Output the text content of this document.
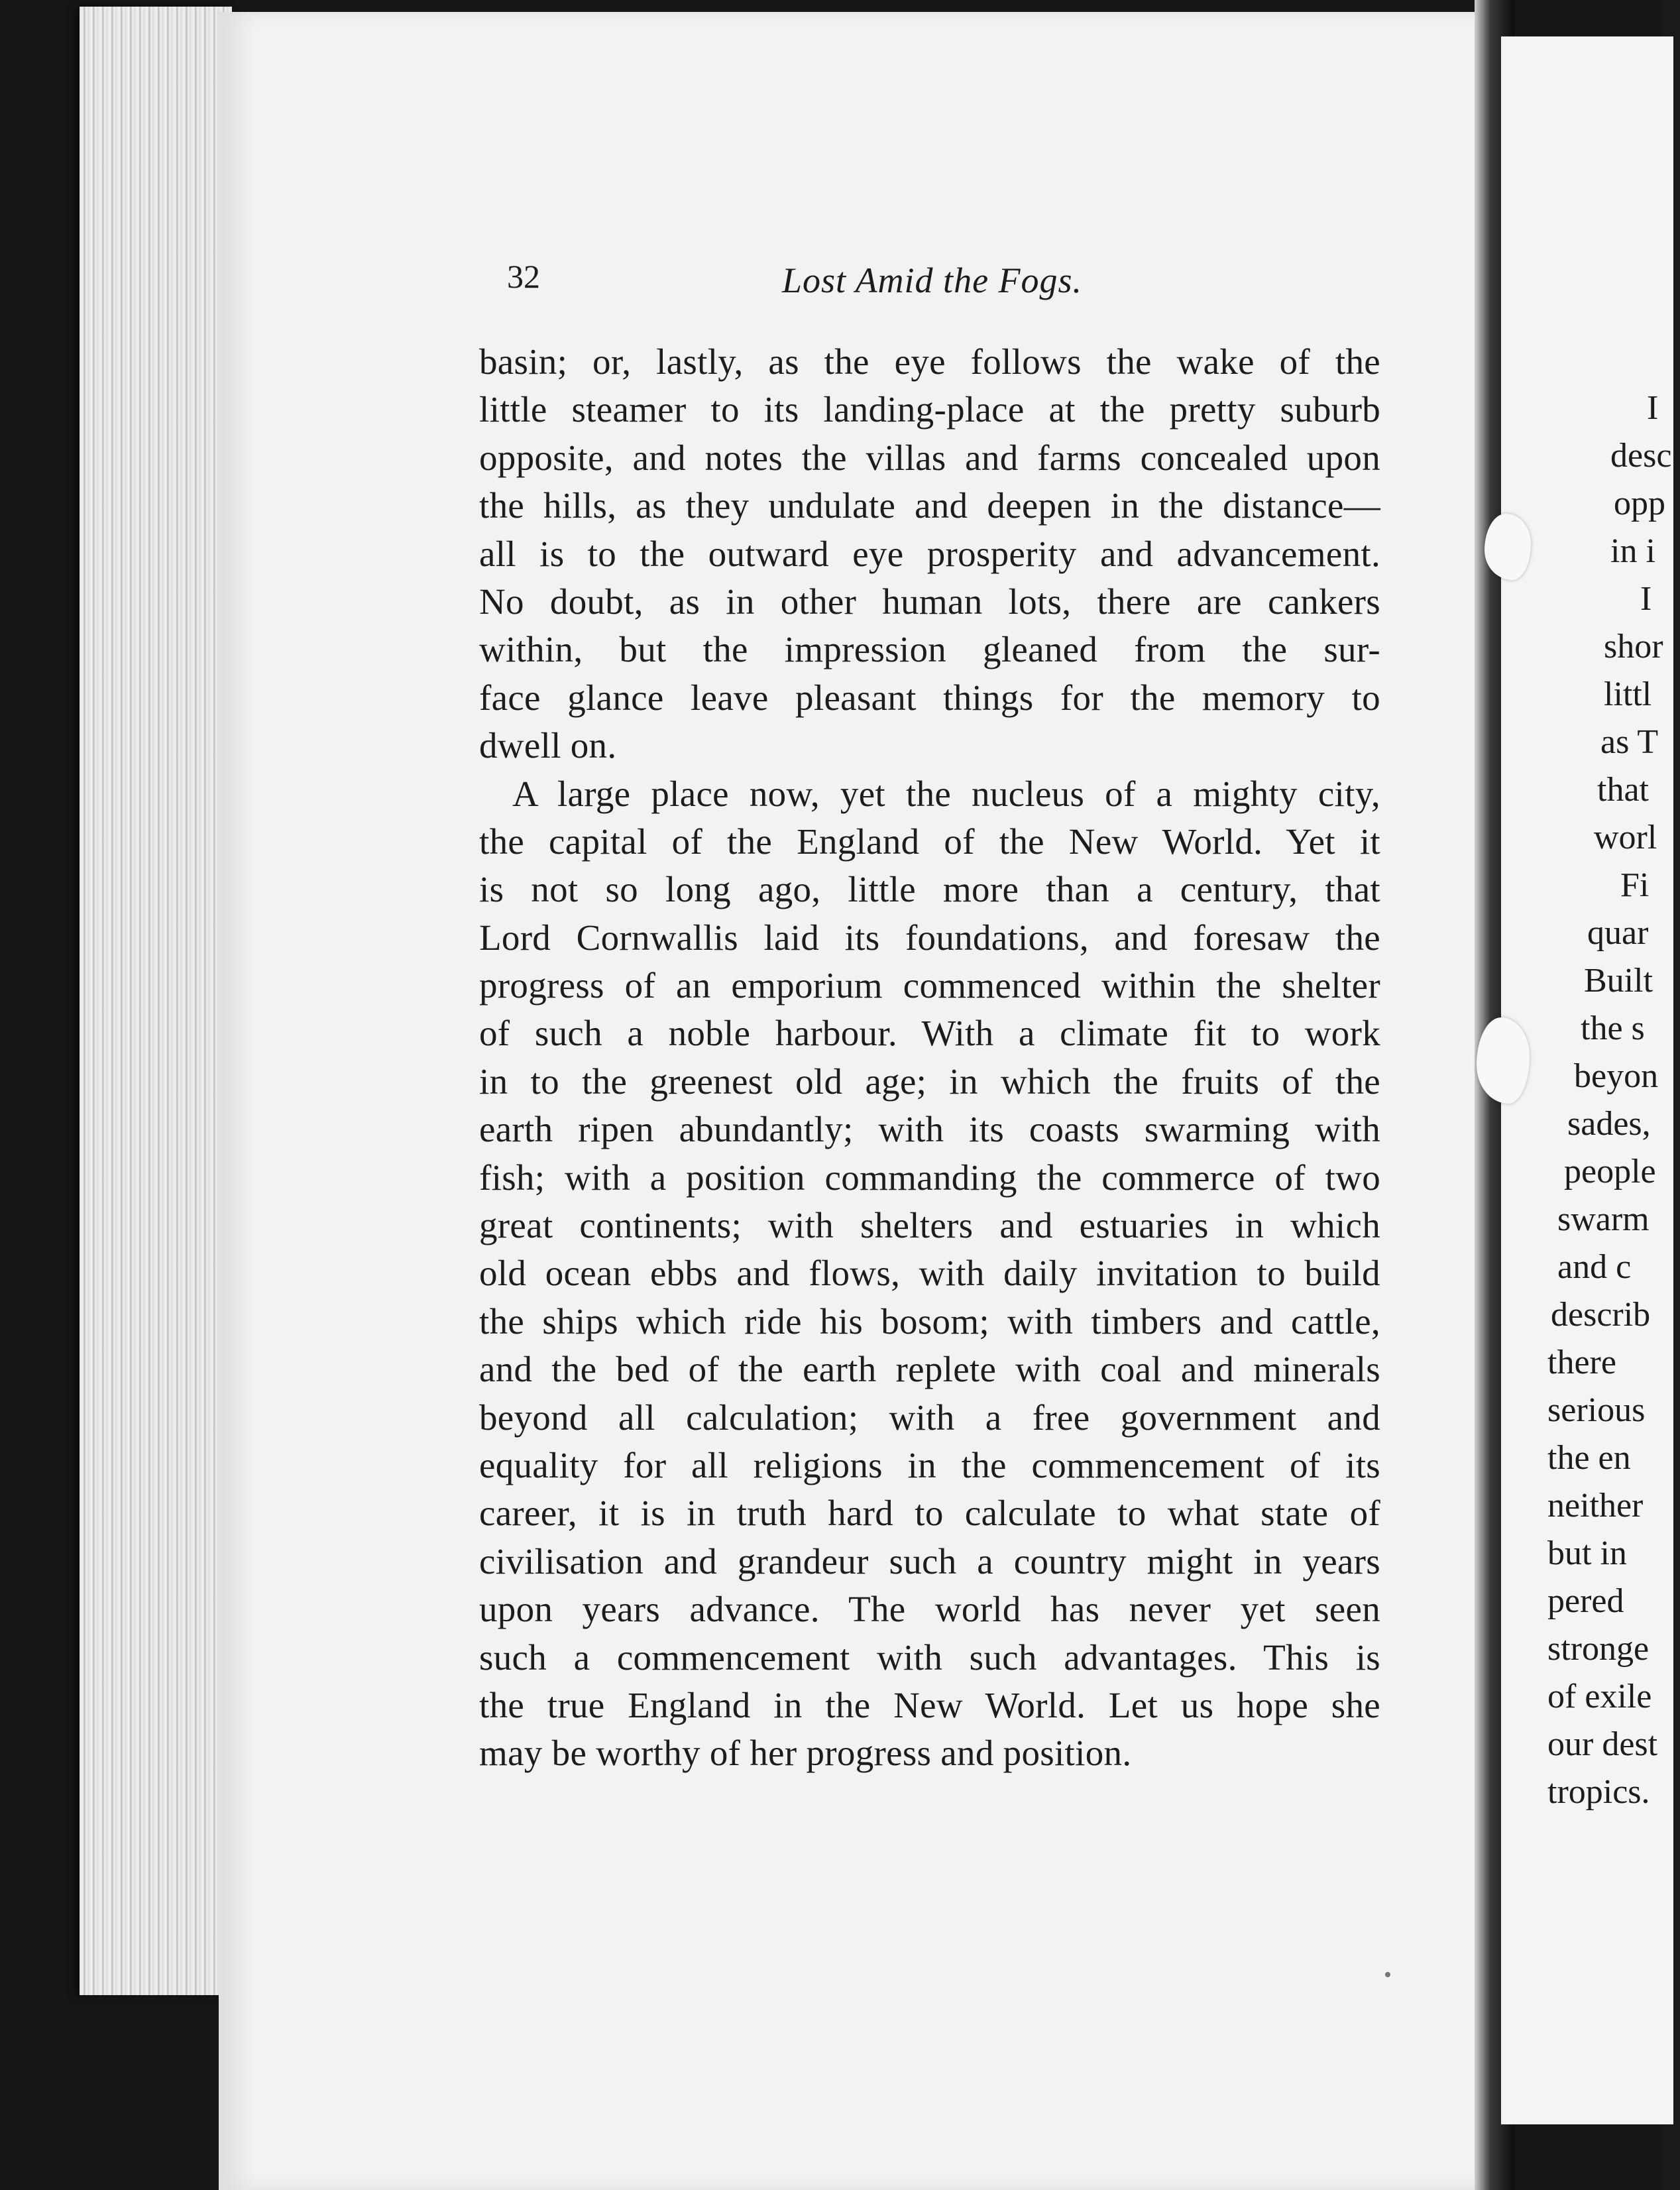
32	Lost Amid the Fogs.
basin; or, lastly, as the eye follows the wake of the
little steamer to its landing-place at the pretty suburb
opposite, and notes the villas and farms concealed upon
the hills, as they undulate and deepen in the distance—
all is to the outward eye prosperity and advancement.
No doubt, as in other human lots, there are cankers
within, but the impression gleaned from the sur-
face glance leave pleasant things for the memory to
dwell on.
A large place now, yet the nucleus of a mighty city,
the capital of the England of the New World. Yet it
is not so long ago, little more than a century, that
Lord Cornwallis laid its foundations, and foresaw the
progress of an emporium commenced within the shelter
of such a noble harbour. With a climate fit to work
in to the greenest old age; in which the fruits of the
earth ripen abundantly; with its coasts swarming with
fish; with a position commanding the commerce of two
great continents; with shelters and estuaries in which
old ocean ebbs and flows, with daily invitation to build
the ships which ride his bosom; with timbers and cattle,
and the bed of the earth replete with coal and minerals
beyond all calculation; with a free government and
equality for all religions in the commencement of its
career, it is in truth hard to calculate to what state of
civilisation and grandeur such a country might in years
upon years advance. The world has never yet seen
such a commencement with such advantages. This is
the true England in the New World. Let us hope she
may be worthy of her progress and position.
I
desc
opp
in i
I
shor
littl
as T
that
worl
Fi
quar
Built
the s
beyon
sades,
people
swarm
and c
describ
there
serious
the en
neither
but in
pered
stronge
of exile
our dest
tropics.
